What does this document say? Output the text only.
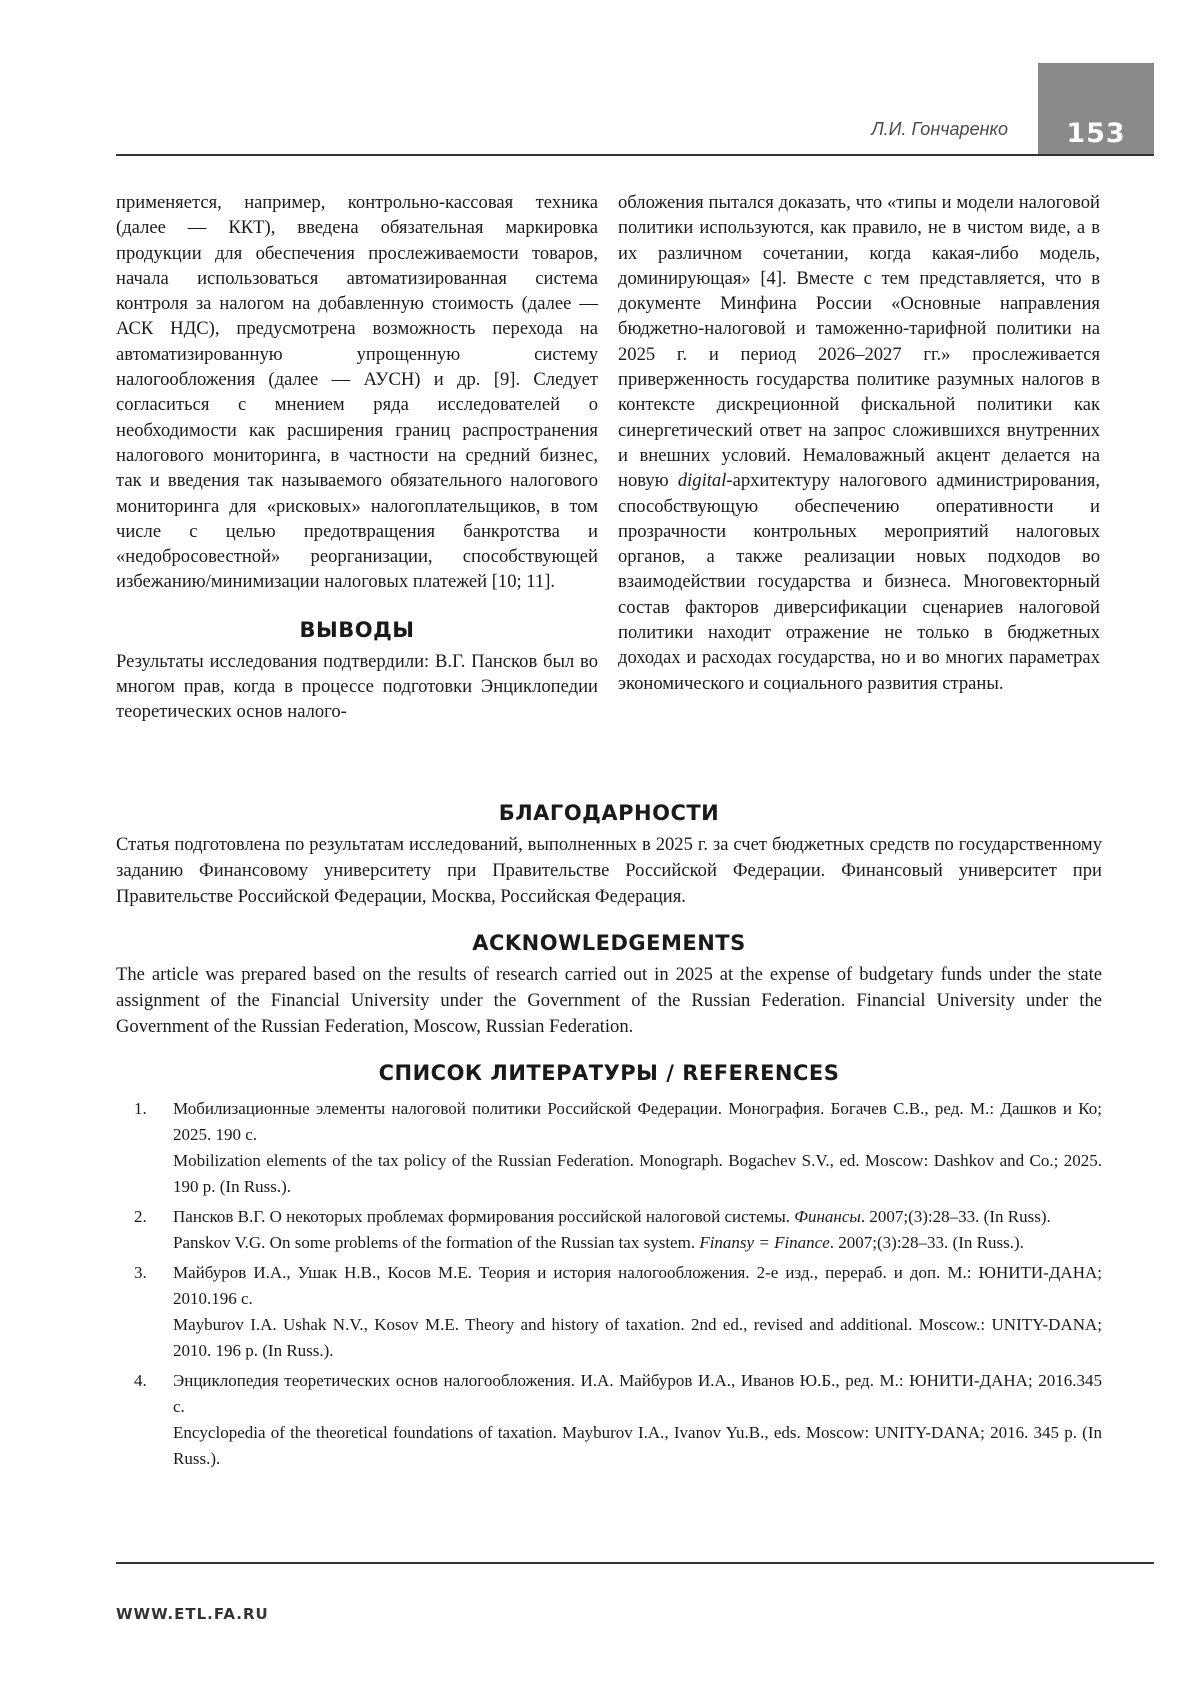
153
Л.И. Гончаренко

применяется, например, контрольно-кассовая техника (далее — ККТ), введена обязательная маркировка продукции для обеспечения прослеживаемости товаров, начала использоваться автоматизированная система контроля за налогом на добавленную стоимость (далее — АСК НДС), предусмотрена возможность перехода на автоматизированную упрощенную систему налогообложения (далее — АУСН) и др. [9]. Следует согласиться с мнением ряда исследователей о необходимости как расширения границ распространения налогового мониторинга, в частности на средний бизнес, так и введения так называемого обязательного налогового мониторинга для «рисковых» налогоплательщиков, в том числе с целью предотвращения банкротства и «недобросовестной» реорганизации, способствующей избежанию/минимизации налоговых платежей [10; 11].

ВЫВОДЫ

Результаты исследования подтвердили: В.Г. Пансков был во многом прав, когда в процессе подготовки Энциклопедии теоретических основ налого-

обложения пытался доказать, что «типы и модели налоговой политики используются, как правило, не в чистом виде, а в их различном сочетании, когда какая-либо модель, доминирующая» [4]. Вместе с тем представляется, что в документе Минфина России «Основные направления бюджетно-налоговой и таможенно-тарифной политики на 2025 г. и период 2026–2027 гг.» прослеживается приверженность государства политике разумных налогов в контексте дискреционной фискальной политики как синергетический ответ на запрос сложившихся внутренних и внешних условий. Немаловажный акцент делается на новую digital-архитектуру налогового администрирования, способствующую обеспечению оперативности и прозрачности контрольных мероприятий налоговых органов, а также реализации новых подходов во взаимодействии государства и бизнеса. Многовекторный состав факторов диверсификации сценариев налоговой политики находит отражение не только в бюджетных доходах и расходах государства, но и во многих параметрах экономического и социального развития страны.

БЛАГОДАРНОСТИ

Статья подготовлена по результатам исследований, выполненных в 2025 г. за счет бюджетных средств по государственному заданию Финансовому университету при Правительстве Российской Федерации. Финансовый университет при Правительстве Российской Федерации, Москва, Российская Федерация.

ACKNOWLEDGEMENTS

The article was prepared based on the results of research carried out in 2025 at the expense of budgetary funds under the state assignment of the Financial University under the Government of the Russian Federation. Financial University under the Government of the Russian Federation, Moscow, Russian Federation.

СПИСОК ЛИТЕРАТУРЫ / REFERENCES
1. Мобилизационные элементы налоговой политики Российской Федерации. Монография. Богачев С.В., ред. М.: Дашков и Ко; 2025. 190 с.

Mobilization elements of the tax policy of the Russian Federation. Monograph. Bogachev S.V., ed. Moscow: Dashkov and Co.; 2025. 190 p. (In Russ.).

2. Пансков В.Г. О некоторых проблемах формирования российской налоговой системы. Финансы. 2007;(3):28–33. (In Russ).

Panskov V.G. On some problems of the formation of the Russian tax system. Finansy = Finance. 2007;(3):28–33. (In Russ.).

3. Майбуров И.А., Ушак Н.В., Косов М.Е. Теория и история налогообложения. 2-е изд., перераб. и доп. М.: ЮНИТИ-ДАНА; 2010.196 с.

Mayburov I.A. Ushak N.V., Kosov M.E. Theory and history of taxation. 2nd ed., revised and additional. Moscow.: UNITY-DANA; 2010. 196 p. (In Russ.).

4. Энциклопедия теоретических основ налогообложения. И.А. Майбуров И.А., Иванов Ю.Б., ред. М.: ЮНИТИ-ДАНА; 2016.345 с.

Encyclopedia of the theoretical foundations of taxation. Mayburov I.A., Ivanov Yu.B., eds. Moscow: UNITY-DANA; 2016. 345 p. (In Russ.).

WWW.ETL.FA.RU
